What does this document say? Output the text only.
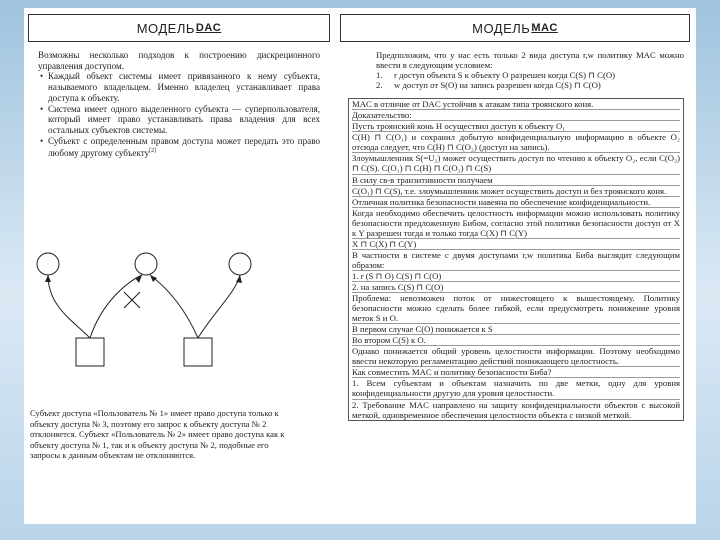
МОДЕЛЬ DAC

Возможны несколько подходов к построению дискреционного управления доступом.

• Каждый объект системы имеет привязанного к нему субъекта, называемого владельцем. Именно владелец устанавливает права доступа к объекту.

• Система имеет одного выделенного субъекта — суперпользователя, который имеет право устанавливать права владения для всех остальных субъектов системы.

• Субъект с определенным правом доступа может передать это право любому другому субъекту[2]

Субъект доступа «Пользователь № 1» имеет право доступа только к объекту доступа № 3, поэтому его запрос к объекту доступа № 2 отклоняется. Субъект «Пользователь № 2» имеет право доступа как к объекту доступа № 1, так и к объекту доступа № 2, подобные его запросы к данным объектам не отклоняются.

МОДЕЛЬ MAC

Предположим, что у нас есть только 2 вида доступа r,w политику MAC можно ввести в следующим условием:

1. r доступ объекта S к объекту O разрешен когда C(S) ⊓ C(O)
2. w доступ от S(O) на запись разрешен когда C(S) ⊓ C(O)

MAC в отличие от DAC устойчив к атакам типа троянского коня.

Доказательство:

Пусть троянский конь H осуществил доступ к объекту O₁

C(H) ⊓ C(O₁) и сохранил добытую конфиденциальную информацию в объекте O₂ отсюда следует, что C(H) ⊓ C(O₂) (доступ на запись).

Злоумышленник S(=U₂) может осуществить доступ по чтению к объекту O₂, если C(O₂) ⊓ C(S). C(O₁) ⊓ C(H) ⊓ C(O₂) ⊓ C(S)

В силу св-в транзитивности получаем

C(O₁) ⊓ C(S), т.е. злоумышленник может осуществить доступ и без троянского коня.

Отличная политика безопасности навеяна по обеспечение конфиденциальности.

Когда необходимо обеспечить целостность информации можно использовать политику безопасности предложенную Бибом, согласно этой политики безопасности доступ от X к Y разрешен тогда и только тогда C(X) ⊓ C(Y)

X ⊓ C(X) ⊓ C(Y)

В частности в системе с двумя доступами r,w политика Биба выглядит следующим образом:

1. r (S ⊓ O) C(S) ⊓ C(O)

2. на запись C(S) ⊓ C(O)

Проблема: невозможен поток от нижестоящего к вышестоящему. Политику безопасности можно сделать более гибкой, если предусмотреть понижение уровня меток S и O.

В первом случае C(O) понижается к S

Во втором C(S) к O.

Однако понижается общий уровень целостности информации. Поэтому необходимо ввести некоторую регламентацию действий понижающего целостность.

Как совместить MAC и политику безопасности Биба?

1. Всем субъектам и объектам назначить по две метки, одну для уровня конфиденциальности другую для уровня целостности.

2. Требование MAC направлено на защиту конфиденциальности объектов с высокой меткой, одновременное обеспечения целостности объекта с низкой меткой.
